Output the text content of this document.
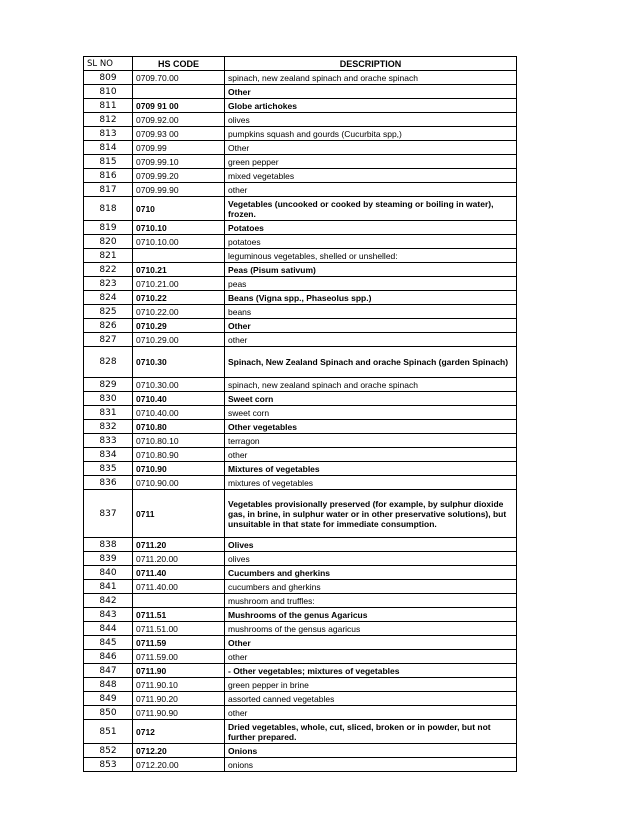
SL NO	HS CODE	DESCRIPTION
809	0709.70.00	spinach, new zealand spinach and orache spinach
810		Other
811	0709 91 00	Globe artichokes
812	0709.92.00	olives
813	0709.93 00	pumpkins squash and gourds (Cucurbita spp,)
814	0709.99	Other
815	0709.99.10	green pepper
816	0709.99.20	mixed vegetables
817	0709.99.90	other
818	0710	Vegetables (uncooked or cooked by steaming or boiling in water), frozen.
819	0710.10	Potatoes
820	0710.10.00	potatoes
821		leguminous vegetables, shelled or unshelled:
822	0710.21	Peas (Pisum sativum)
823	0710.21.00	peas
824	0710.22	Beans (Vigna spp., Phaseolus spp.)
825	0710.22.00	beans
826	0710.29	Other
827	0710.29.00	other
828	0710.30	Spinach, New Zealand Spinach and orache Spinach (garden Spinach)
829	0710.30.00	spinach, new zealand spinach and orache spinach
830	0710.40	Sweet corn
831	0710.40.00	sweet corn
832	0710.80	Other vegetables
833	0710.80.10	terragon
834	0710.80.90	other
835	0710.90	Mixtures of vegetables
836	0710.90.00	mixtures of vegetables
837	0711	Vegetables provisionally preserved (for example, by sulphur dioxide gas, in brine, in sulphur water or in other preservative solutions), but unsuitable in that state for immediate consumption.
838	0711.20	Olives
839	0711.20.00	olives
840	0711.40	Cucumbers and gherkins
841	0711.40.00	cucumbers and gherkins
842		mushroom and truffles:
843	0711.51	Mushrooms of the genus Agaricus
844	0711.51.00	mushrooms of the gensus agaricus
845	0711.59	Other
846	0711.59.00	other
847	0711.90	- Other vegetables; mixtures of vegetables
848	0711.90.10	green pepper in brine
849	0711.90.20	assorted canned vegetables
850	0711.90.90	other
851	0712	Dried vegetables, whole, cut, sliced, broken or in powder, but not further prepared.
852	0712.20	Onions
853	0712.20.00	onions
